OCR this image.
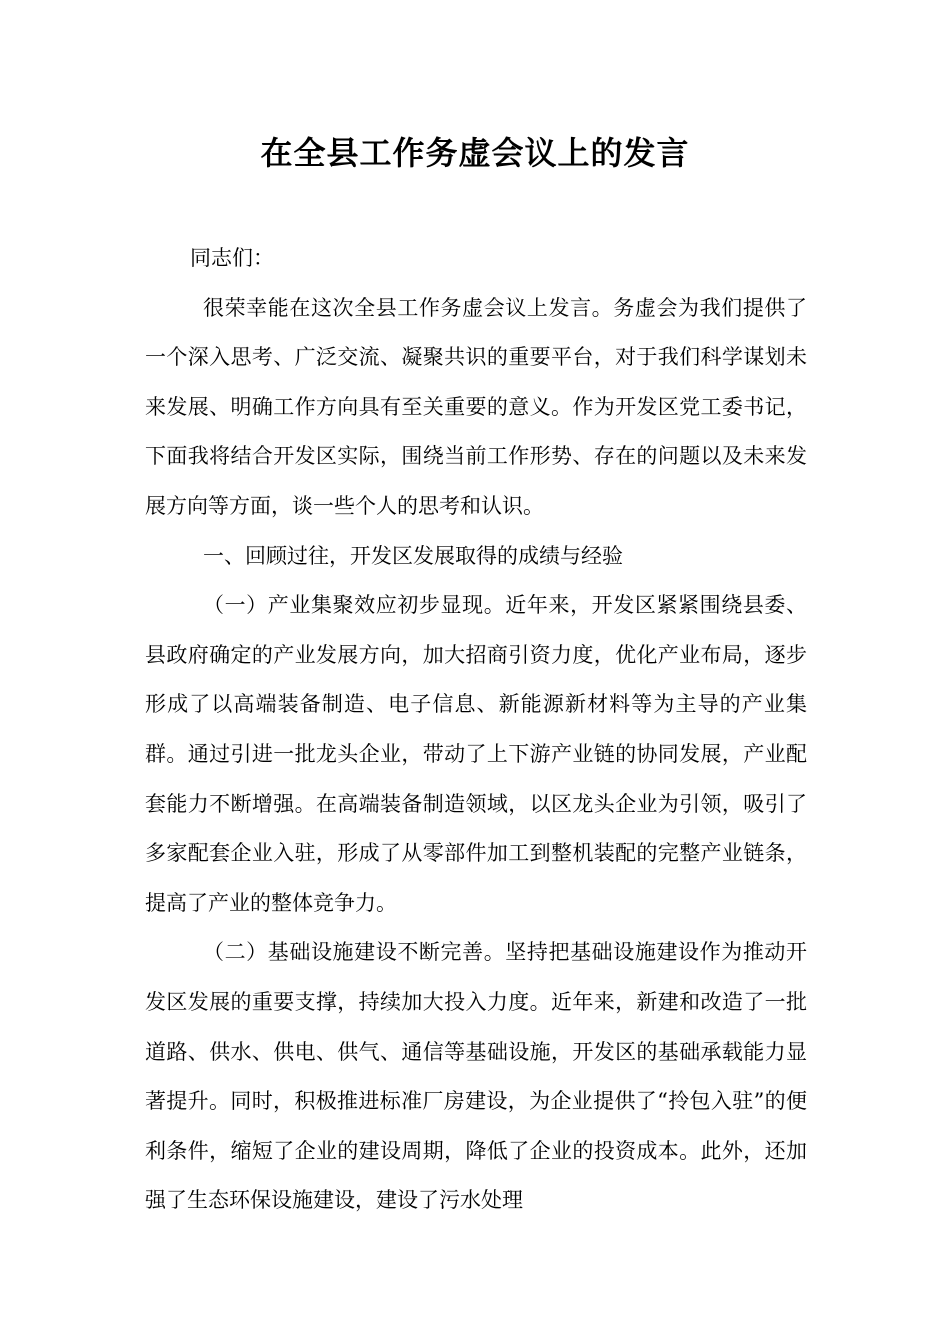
在全县工作务虚会议上的发言

同志们：

很荣幸能在这次全县工作务虚会议上发言。务虚会为我们提供了一个深入思考、广泛交流、凝聚共识的重要平台，对于我们科学谋划未来发展、明确工作方向具有至关重要的意义。作为开发区党工委书记，下面我将结合开发区实际，围绕当前工作形势、存在的问题以及未来发展方向等方面，谈一些个人的思考和认识。

一、回顾过往，开发区发展取得的成绩与经验

（一）产业集聚效应初步显现。近年来，开发区紧紧围绕县委、县政府确定的产业发展方向，加大招商引资力度，优化产业布局，逐步形成了以高端装备制造、电子信息、新能源新材料等为主导的产业集群。通过引进一批龙头企业，带动了上下游产业链的协同发展，产业配套能力不断增强。在高端装备制造领域，以区龙头企业为引领，吸引了多家配套企业入驻，形成了从零部件加工到整机装配的完整产业链条，提高了产业的整体竞争力。

（二）基础设施建设不断完善。坚持把基础设施建设作为推动开发区发展的重要支撑，持续加大投入力度。近年来，新建和改造了一批道路、供水、供电、供气、通信等基础设施，开发区的基础承载能力显著提升。同时，积极推进标准厂房建设，为企业提供了“拎包入驻”的便利条件，缩短了企业的建设周期，降低了企业的投资成本。此外，还加强了生态环保设施建设，建设了污水处理
